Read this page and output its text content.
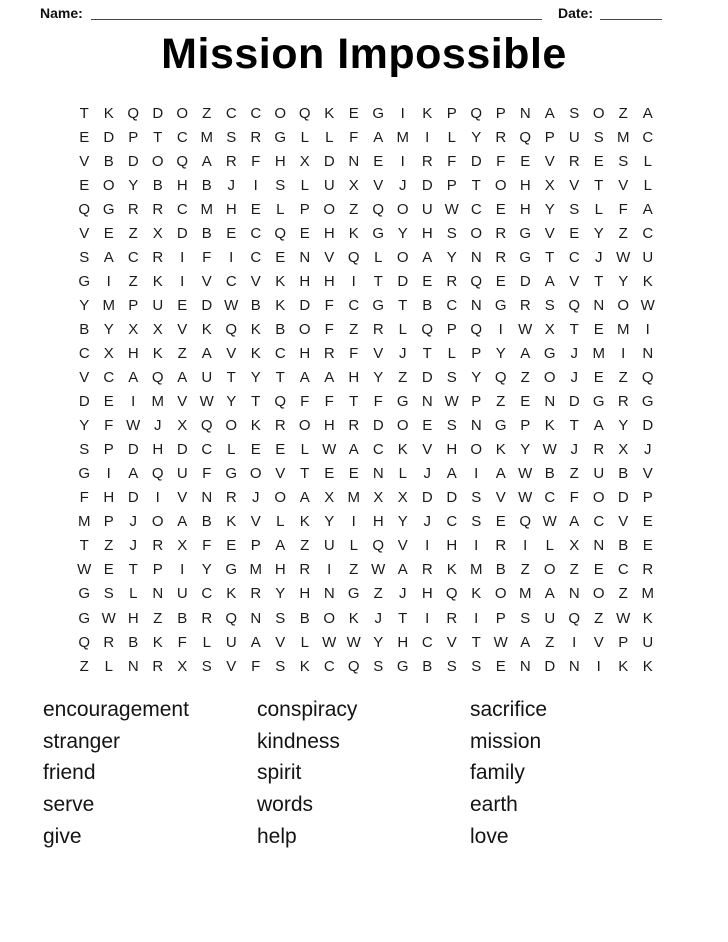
Name:	Date:
Mission Impossible
T K Q D O Z C C O Q K E G	I	K P Q P N A S O Z A
E D P T C M S R G L	L	F A M	I	L	Y R Q P U S M C
V B D O Q A R F H X D N E	I	R F D F E V R E S	L
E O Y B H B	J	I	S	L U X V	J	D P T O H X V T V	L
Q G R R C M H E	L	P O Z Q O U W C E H Y S	L	F A
V E Z X D B E C Q E H K G Y H S O R G V E Y Z C
S A C R	I	F	I	C E N V Q L O A Y N R G T C	J W U
G	I	Z K	I	V C V K H H	I	T D E R Q E D A V T Y K
Y M P U E D W B K D F C G T B C N G R S Q N O W
B Y X X V K Q K B O F	Z R L Q P Q	I	W X T E M	I
C X H K Z A V K C H R F V	J	T	L	P Y A G J M	I	N
V C A Q A U T Y T A A H Y Z D S Y Q Z O J	E Z Q
D E	I	M V W Y T Q F	F	T	F G N W P Z E N D G R G
Y F W J	X Q O K R O H R D O E S N G P K T A Y D
S P D H D C L	E E	L W A C K V H O K Y W J	R X	J
G	I	A Q U F G O V T E E N L	J	A	I	A W B Z U B V
F H D	I	V N R	J O A X M X X D D S V W C F O D P
M P	J O A B K V	L	K Y	I	H Y	J	C S E Q W A C V E
T	Z	J	R X F E P A Z U L Q V	I	H	I	R	I	L	X N B E
W E T P	I	Y G M H R	I	Z W A R K M B Z O Z E C R
G S	L N U C K R Y H N G Z	J	H Q K O M A N O Z M
G W H Z B R Q N S B O K	J	T	I	R	I	P S U Q Z W K
Q R B K F	L U A V	L W W Y H C V T W A Z	I	V P U
Z	L N R X S V F S K C Q S G B S S E N D N	I	K K
encouragement
stranger
friend
serve
give
conspiracy
kindness
spirit
words
help
sacrifice
mission
family
earth
love
